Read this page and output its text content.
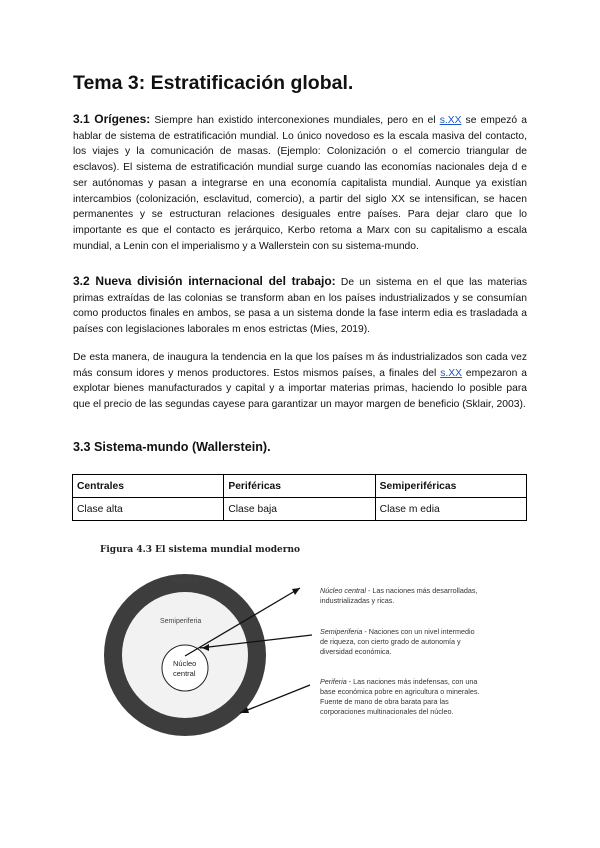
Tema 3: Estratificación global.

3.1 Orígenes: Siempre han existido interconexiones mundiales, pero en el s.XX se empezó a hablar de sistema de estratificación mundial. Lo único novedoso es la escala masiva del contacto, los viajes y la comunicación de masas. (Ejemplo: Colonización o el comercio triangular de esclavos). El sistema de estratificación mundial surge cuando las economías nacionales deja d e ser autónomas y pasan a integrarse en una economía capitalista mundial. Aunque ya existían intercambios (colonización, esclavitud, comercio), a partir del siglo XX se intensifican, se hacen permanentes y se estructuran relaciones desiguales entre países. Para dejar claro que lo importante es que el contacto es jerárquico, Kerbo retoma a Marx con su capitalismo a escala mundial, a Lenin con el imperialismo y a Wallerstein con su sistema-mundo.

3.2 Nueva división internacional del trabajo: De un sistema en el que las materias primas extraídas de las colonias se transform aban en los países industrializados y se consumían como productos finales en ambos, se pasa a un sistema donde la fase interm edia es trasladada a países con legislaciones laborales m enos estrictas (Mies, 2019).

De esta manera, de inaugura la tendencia en la que los países m ás industrializados son cada vez más consum idores y menos productores. Estos mismos países, a finales del s.XX empezaron a explotar bienes manufacturados y capital y a importar materias primas, haciendo lo posible para que el precio de las segundas cayese para garantizar un mayor margen de beneficio (Sklair, 2003).

3.3 Sistema-mundo (Wallerstein).
Centrales	Periféricas	Semiperiféricas
Clase alta	Clase baja	Clase m edia
Figura 4.3 El sistema mundial moderno
Periferia
Semiperiferia
Núcleo
central
Núcleo central - Las naciones más desarrolladas,
industrializadas y ricas.
Semiperiferia - Naciones con un nivel intermedio
de riqueza, con cierto grado de autonomía y
diversidad económica.
Periferia - Las naciones más indefensas, con una
base económica pobre en agricultura o minerales.
Fuente de mano de obra barata para las
corporaciones multinacionales del núcleo.
